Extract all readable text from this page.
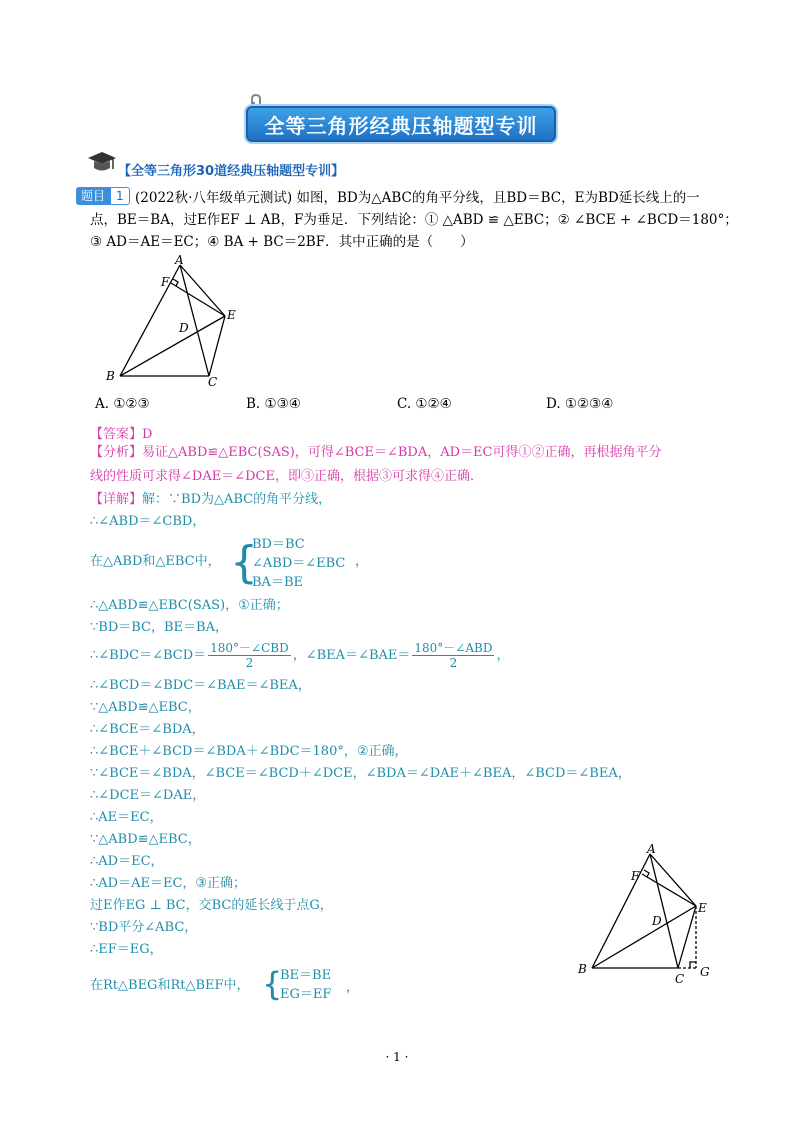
全等三角形经典压轴题型专训
【全等三角形30道经典压轴题型专训】
题目 1 (2022秋·八年级单元测试) 如图，BD为△ABC的角平分线，且BD＝BC，E为BD延长线上的一
点，BE＝BA，过E作EF ⊥ AB，F为垂足．下列结论：① △ABD ≌ △EBC；② ∠BCE + ∠BCD＝180°；
③ AD＝AE＝EC；④ BA + BC＝2BF．其中正确的是（　　）
A
F
D
E
B	C
A. ①②③	B. ①③④	C. ①②④	D. ①②③④
【答案】D
【分析】易证△ABD≌△EBC(SAS)，可得∠BCE＝∠BDA，AD＝EC可得①②正确，再根据角平分
线的性质可求得∠DAE＝∠DCE，即③正确，根据③可求得④正确．
【详解】解：∵BD为△ABC的角平分线，
∴∠ABD＝∠CBD，
在△ABD和△EBC中， {
BD＝BC
∠ABD＝∠EBC
BA＝BE
，
∴△ABD≌△EBC(SAS)，①正确；
∵BD＝BC，BE＝BA，
∴∠BDC＝∠BCD＝ 180°－∠CBD
2
，∠BEA＝∠BAE＝ 180°－∠ABD
2
，
∴∠BCD＝∠BDC＝∠BAE＝∠BEA，
∵△ABD≌△EBC，
∴∠BCE＝∠BDA，
∴∠BCE＋∠BCD＝∠BDA＋∠BDC＝180°，②正确，
∵∠BCE＝∠BDA，∠BCE＝∠BCD＋∠DCE，∠BDA＝∠DAE＋∠BEA，∠BCD＝∠BEA，
∴∠DCE＝∠DAE，
∴AE＝EC，
∵△ABD≌△EBC，
∴AD＝EC，
∴AD＝AE＝EC，③正确；
过E作EG ⊥ BC，交BC的延长线于点G，
∵BD平分∠ABC，
∴EF＝EG，
在Rt△BEG和Rt△BEF中， {
BE＝BE
EG＝EF ，
A
F
D
E
B
C G
· 1 ·
